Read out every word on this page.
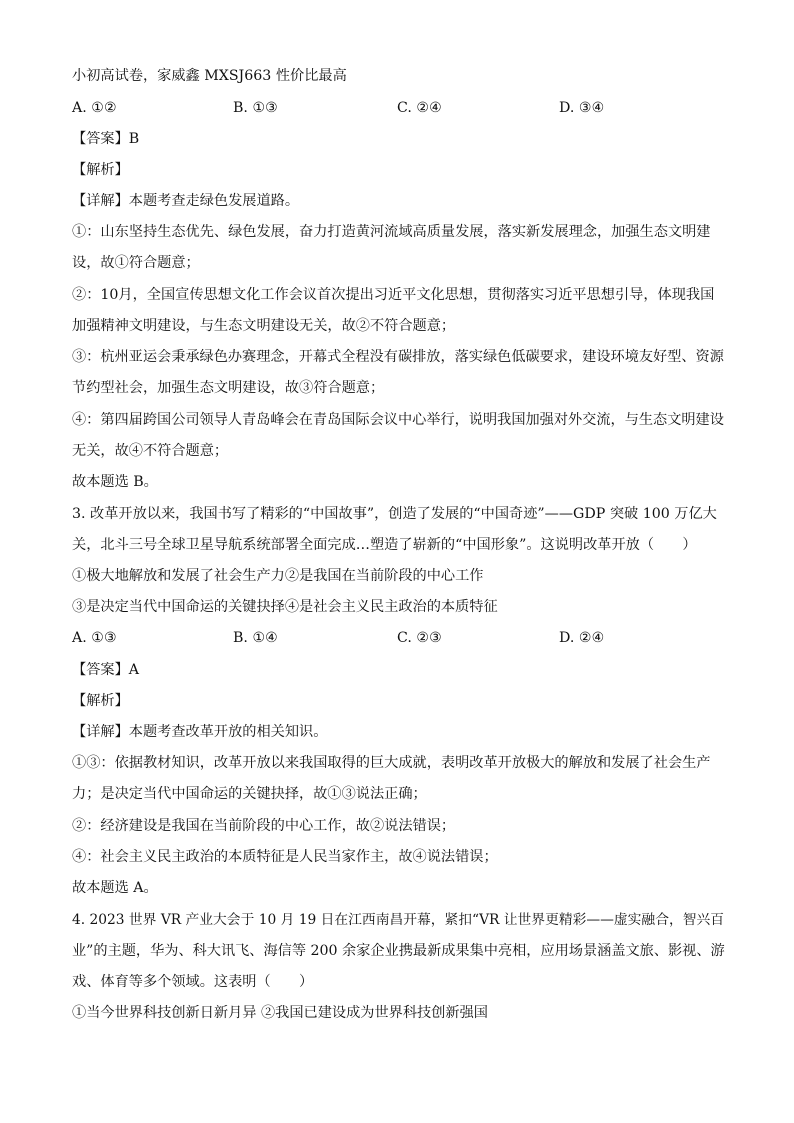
小初高试卷，家威鑫 MXSJ663 性价比最高
A. ①②	B. ①③	C. ②④	D. ③④
【答案】B
【解析】
【详解】本题考查走绿色发展道路。
①：山东坚持生态优先、绿色发展，奋力打造黄河流域高质量发展，落实新发展理念，加强生态文明建
设，故①符合题意；
②：10月，全国宣传思想文化工作会议首次提出习近平文化思想，贯彻落实习近平思想引导，体现我国
加强精神文明建设，与生态文明建设无关，故②不符合题意；
③：杭州亚运会秉承绿色办赛理念，开幕式全程没有碳排放，落实绿色低碳要求，建设环境友好型、资源
节约型社会，加强生态文明建设，故③符合题意；
④：第四届跨国公司领导人青岛峰会在青岛国际会议中心举行，说明我国加强对外交流，与生态文明建设
无关，故④不符合题意；
故本题选 B。
3. 改革开放以来，我国书写了精彩的“中国故事”，创造了发展的“中国奇迹”——GDP 突破 100 万亿大
关，北斗三号全球卫星导航系统部署全面完成…塑造了崭新的“中国形象”。这说明改革开放（　　）
①极大地解放和发展了社会生产力②是我国在当前阶段的中心工作
③是决定当代中国命运的关键抉择④是社会主义民主政治的本质特征
A. ①③	B. ①④	C. ②③	D. ②④
【答案】A
【解析】
【详解】本题考查改革开放的相关知识。
①③：依据教材知识，改革开放以来我国取得的巨大成就，表明改革开放极大的解放和发展了社会生产
力；是决定当代中国命运的关键抉择，故①③说法正确；
②：经济建设是我国在当前阶段的中心工作，故②说法错误；
④：社会主义民主政治的本质特征是人民当家作主，故④说法错误；
故本题选 A。
4. 2023 世界 VR 产业大会于 10 月 19 日在江西南昌开幕，紧扣“VR 让世界更精彩——虚实融合，智兴百
业”的主题，华为、科大讯飞、海信等 200 余家企业携最新成果集中亮相，应用场景涵盖文旅、影视、游
戏、体育等多个领域。这表明（　　）
①当今世界科技创新日新月异 ②我国已建设成为世界科技创新强国
